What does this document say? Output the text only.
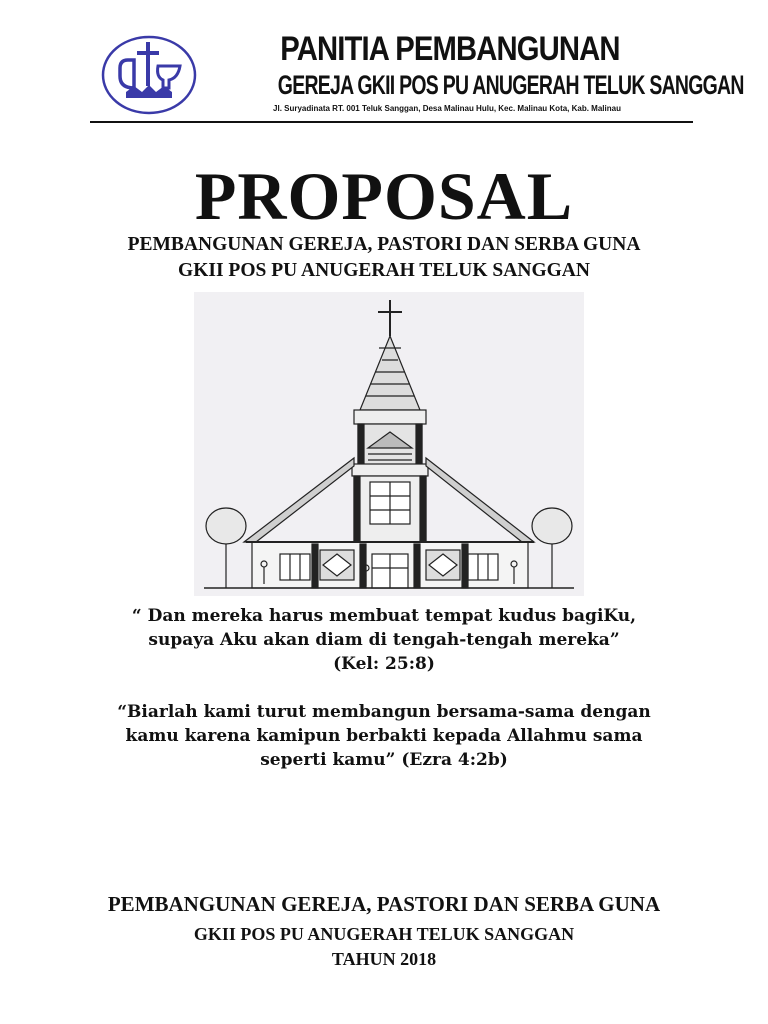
PANITIA PEMBANGUNAN
GEREJA GKII POS PU ANUGERAH TELUK SANGGAN
Jl. Suryadinata RT. 001 Teluk Sanggan, Desa Malinau Hulu, Kec. Malinau Kota, Kab. Malinau
PROPOSAL
PEMBANGUNAN GEREJA, PASTORI DAN SERBA GUNA
GKII POS PU ANUGERAH TELUK SANGGAN
“ Dan mereka harus membuat tempat kudus bagiKu,
supaya Aku akan diam di tengah-tengah mereka”
(Kel: 25:8)
“Biarlah kami turut membangun bersama-sama dengan
kamu karena kamipun berbakti kepada Allahmu sama
seperti kamu” (Ezra 4:2b)
PEMBANGUNAN GEREJA, PASTORI DAN SERBA GUNA
GKII POS PU ANUGERAH TELUK SANGGAN
TAHUN 2018
